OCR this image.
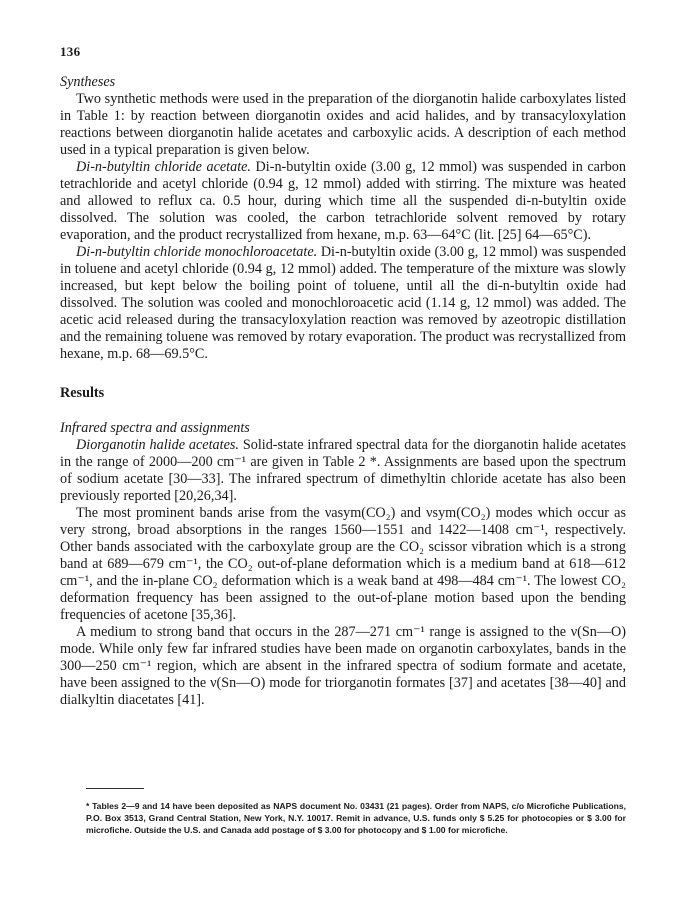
136
Syntheses

Two synthetic methods were used in the preparation of the diorganotin halide carboxylates listed in Table 1: by reaction between diorganotin oxides and acid halides, and by transacyloxylation reactions between diorganotin halide acetates and carboxylic acids. A description of each method used in a typical preparation is given below.

Di-n-butyltin chloride acetate. Di-n-butyltin oxide (3.00 g, 12 mmol) was suspended in carbon tetrachloride and acetyl chloride (0.94 g, 12 mmol) added with stirring. The mixture was heated and allowed to reflux ca. 0.5 hour, during which time all the suspended di-n-butyltin oxide dissolved. The solution was cooled, the carbon tetrachloride solvent removed by rotary evaporation, and the product recrystallized from hexane, m.p. 63—64°C (lit. [25] 64—65°C).

Di-n-butyltin chloride monochloroacetate. Di-n-butyltin oxide (3.00 g, 12 mmol) was suspended in toluene and acetyl chloride (0.94 g, 12 mmol) added. The temperature of the mixture was slowly increased, but kept below the boiling point of toluene, until all the di-n-butyltin oxide had dissolved. The solution was cooled and monochloroacetic acid (1.14 g, 12 mmol) was added. The acetic acid released during the transacyloxylation reaction was removed by azeotropic distillation and the remaining toluene was removed by rotary evaporation. The product was recrystallized from hexane, m.p. 68—69.5°C.

Results
Infrared spectra and assignments

Diorganotin halide acetates. Solid-state infrared spectral data for the diorganotin halide acetates in the range of 2000—200 cm⁻¹ are given in Table 2 *. Assignments are based upon the spectrum of sodium acetate [30—33]. The infrared spectrum of dimethyltin chloride acetate has also been previously reported [20,26,34].

The most prominent bands arise from the νasym(CO₂) and νsym(CO₂) modes which occur as very strong, broad absorptions in the ranges 1560—1551 and 1422—1408 cm⁻¹, respectively. Other bands associated with the carboxylate group are the CO₂ scissor vibration which is a strong band at 689—679 cm⁻¹, the CO₂ out-of-plane deformation which is a medium band at 618—612 cm⁻¹, and the in-plane CO₂ deformation which is a weak band at 498—484 cm⁻¹. The lowest CO₂ deformation frequency has been assigned to the out-of-plane motion based upon the bending frequencies of acetone [35,36].

A medium to strong band that occurs in the 287—271 cm⁻¹ range is assigned to the ν(Sn—O) mode. While only few far infrared studies have been made on organotin carboxylates, bands in the 300—250 cm⁻¹ region, which are absent in the infrared spectra of sodium formate and acetate, have been assigned to the ν(Sn—O) mode for triorganotin formates [37] and acetates [38—40] and dialkyltin diacetates [41].

* Tables 2—9 and 14 have been deposited as NAPS document No. 03431 (21 pages). Order from NAPS, c/o Microfiche Publications, P.O. Box 3513, Grand Central Station, New York, N.Y. 10017. Remit in advance, U.S. funds only $ 5.25 for photocopies or $ 3.00 for microfiche. Outside the U.S. and Canada add postage of $ 3.00 for photocopy and $ 1.00 for microfiche.
